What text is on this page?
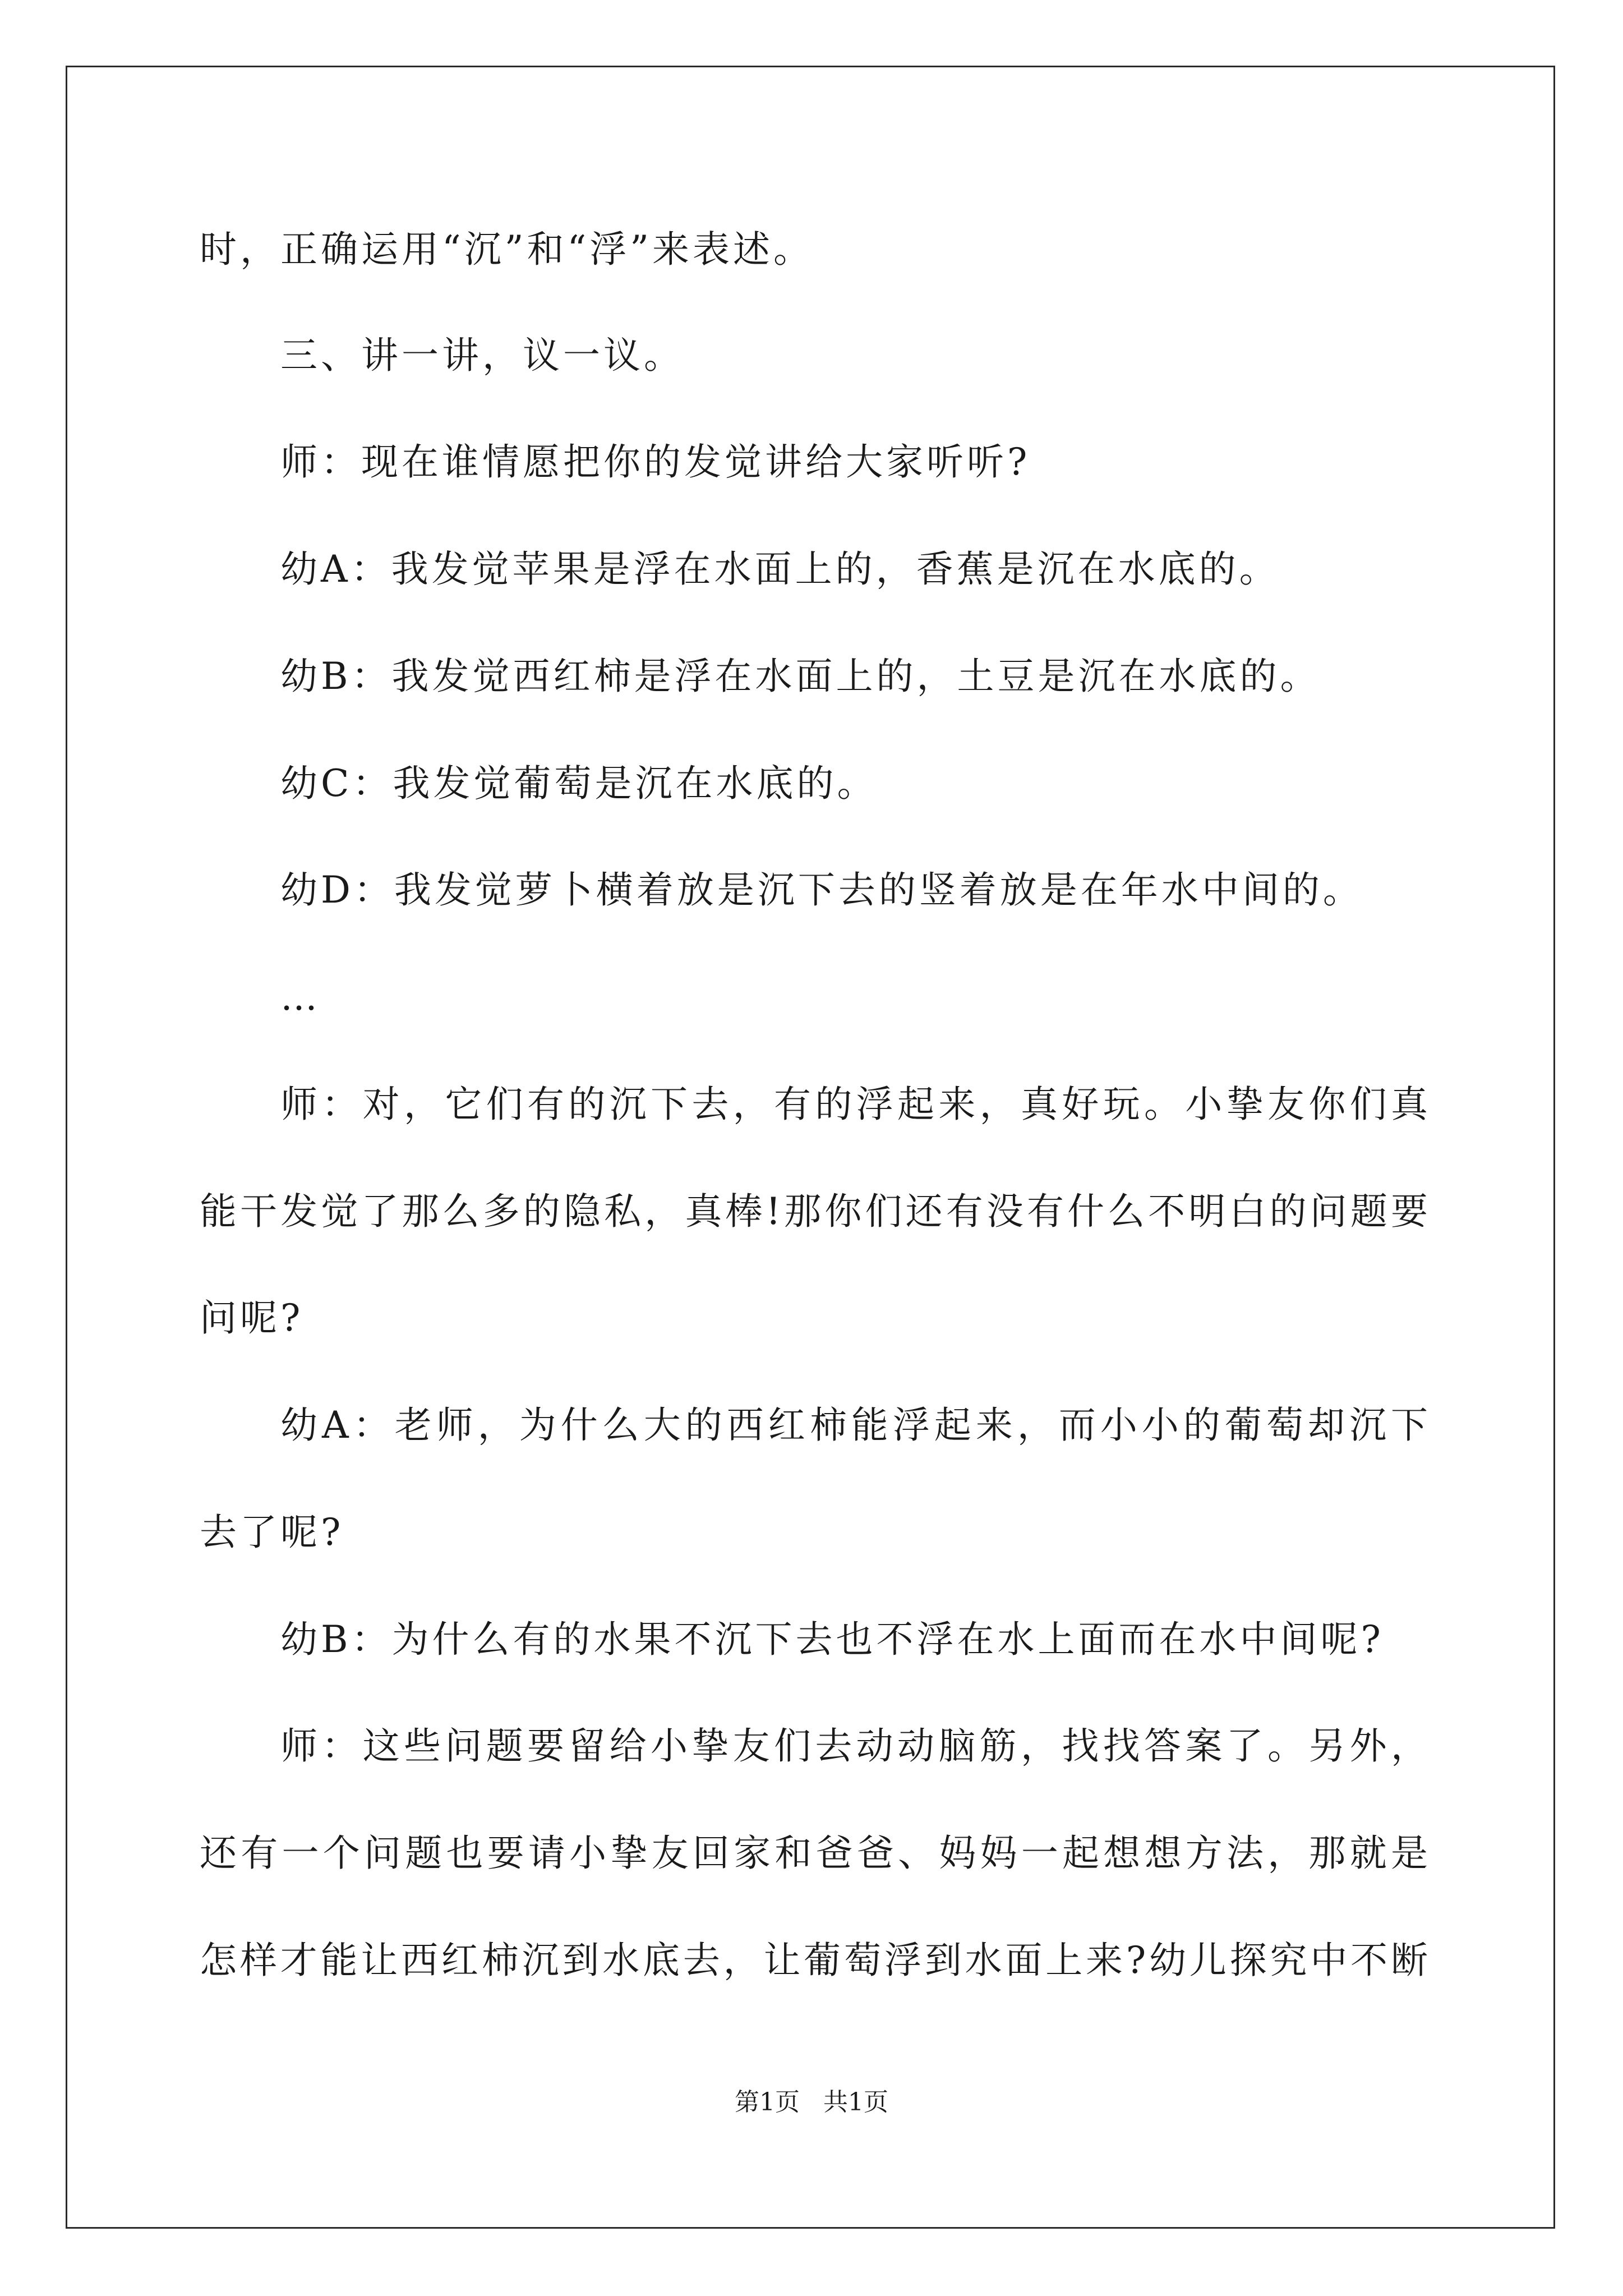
时，正确运用“沉”和“浮”来表述。
三、讲一讲，议一议。
师：现在谁情愿把你的发觉讲给大家听听?
幼A：我发觉苹果是浮在水面上的，香蕉是沉在水底的。
幼B：我发觉西红柿是浮在水面上的，土豆是沉在水底的。
幼C：我发觉葡萄是沉在水底的。
幼D：我发觉萝卜横着放是沉下去的竖着放是在年水中间的。
…
师：对，它们有的沉下去，有的浮起来，真好玩。小挚友你们真
能干发觉了那么多的隐私，真棒!那你们还有没有什么不明白的问题要
问呢?
幼A：老师，为什么大的西红柿能浮起来，而小小的葡萄却沉下
去了呢?
幼B：为什么有的水果不沉下去也不浮在水上面而在水中间呢?
师：这些问题要留给小挚友们去动动脑筋，找找答案了。另外，
还有一个问题也要请小挚友回家和爸爸、妈妈一起想想方法，那就是
怎样才能让西红柿沉到水底去，让葡萄浮到水面上来?幼儿探究中不断
第1页   共1页
